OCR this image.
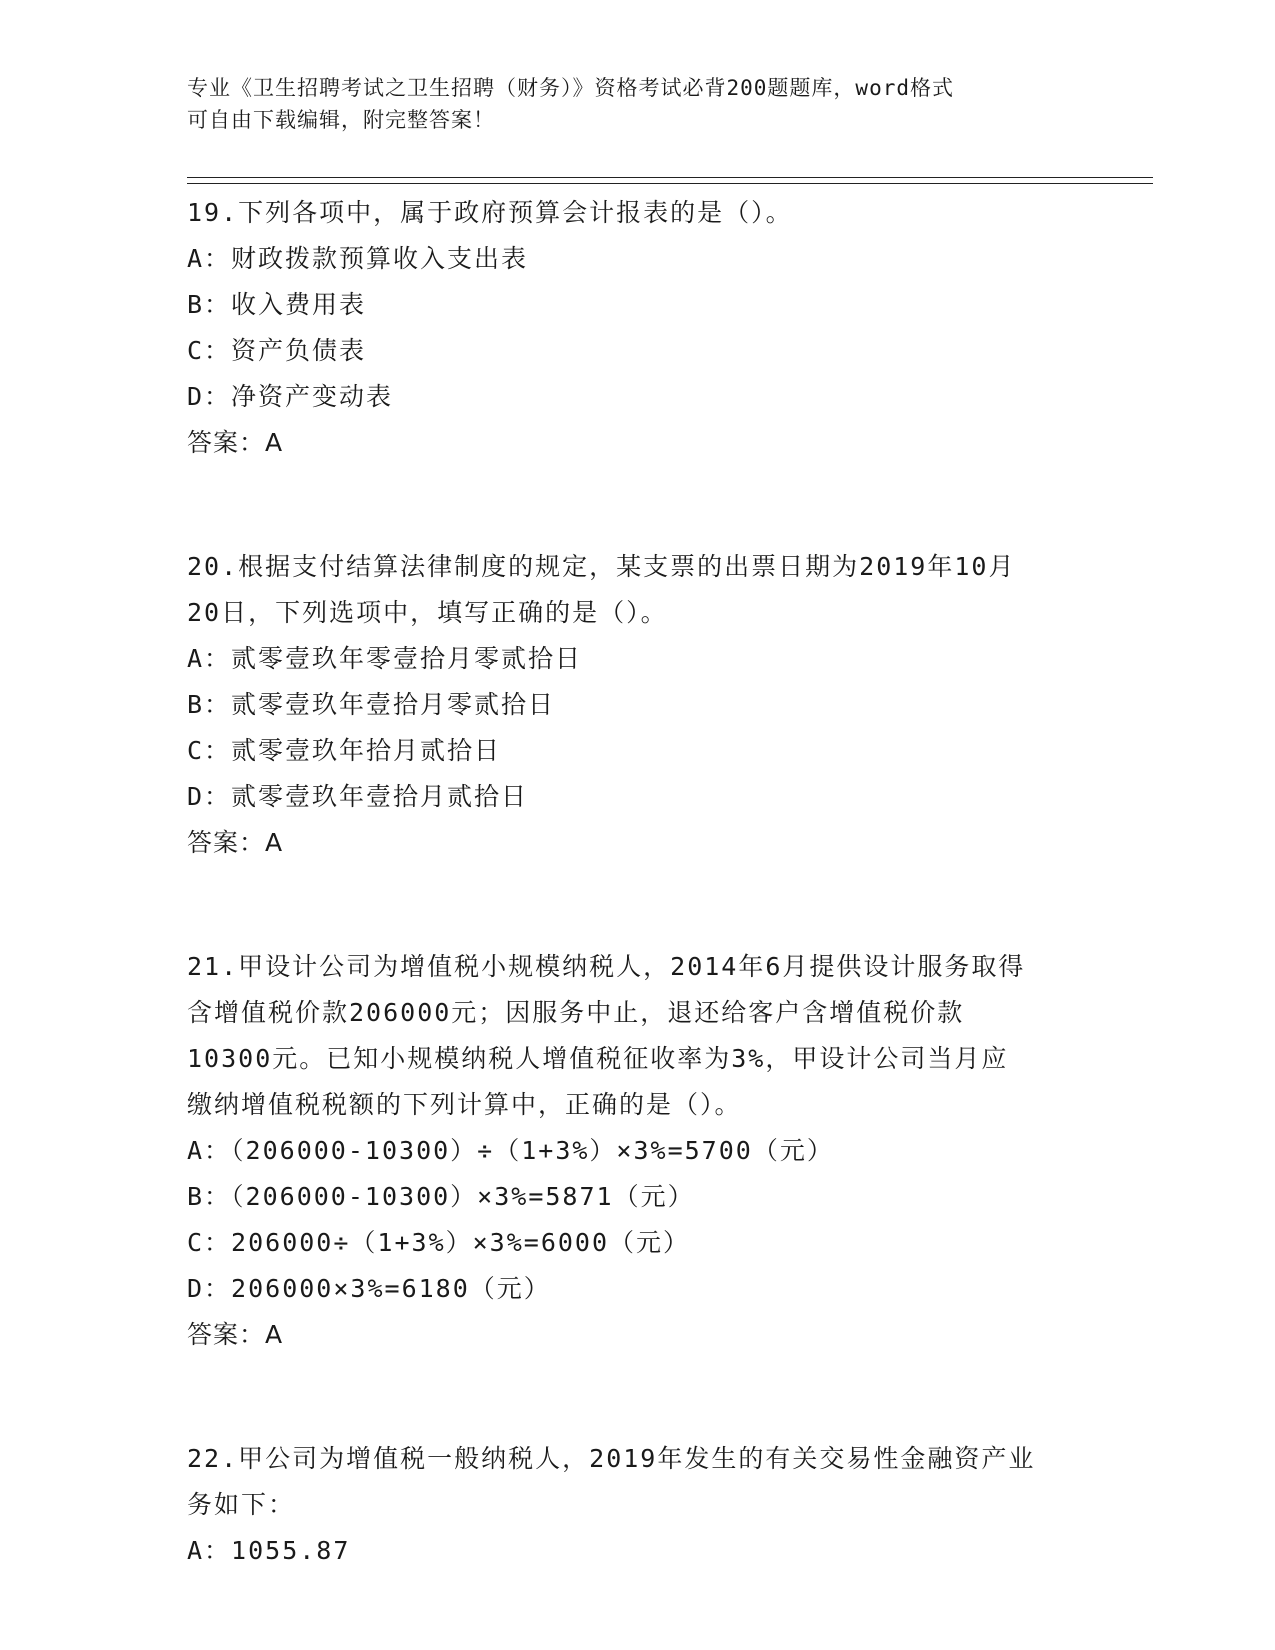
专业《卫生招聘考试之卫生招聘（财务）》资格考试必背200题题库，word格式
可自由下载编辑，附完整答案！
19.下列各项中，属于政府预算会计报表的是（）。
A：财政拨款预算收入支出表
B：收入费用表
C：资产负债表
D：净资产变动表
答案：A
20.根据支付结算法律制度的规定，某支票的出票日期为2019年10月
20日，下列选项中，填写正确的是（）。
A：贰零壹玖年零壹拾月零贰拾日
B：贰零壹玖年壹拾月零贰拾日
C：贰零壹玖年拾月贰拾日
D：贰零壹玖年壹拾月贰拾日
答案：A
21.甲设计公司为增值税小规模纳税人，2014年6月提供设计服务取得
含增值税价款206000元；因服务中止，退还给客户含增值税价款
10300元。已知小规模纳税人增值税征收率为3%，甲设计公司当月应
缴纳增值税税额的下列计算中，正确的是（）。
A：（206000-10300）÷（1+3%）×3%=5700（元）
B：（206000-10300）×3%=5871（元）
C：206000÷（1+3%）×3%=6000（元）
D：206000×3%=6180（元）
答案：A
22.甲公司为增值税一般纳税人，2019年发生的有关交易性金融资产业
务如下：
A：1055.87
